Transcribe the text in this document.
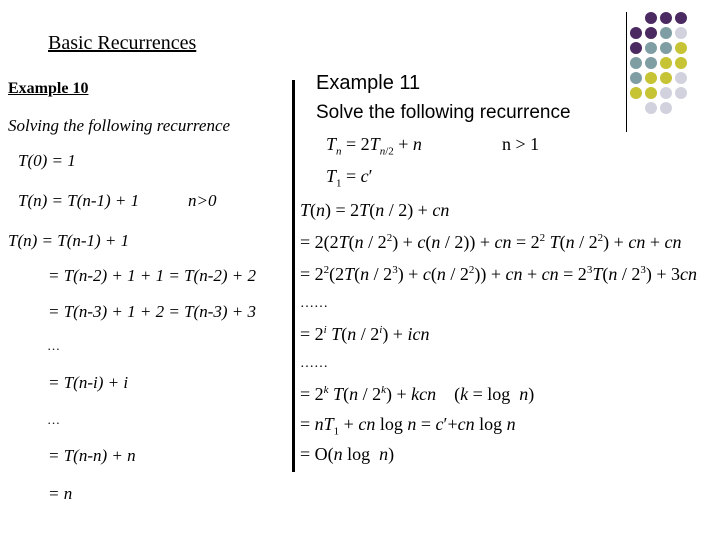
Basic Recurrences
Example 10
Solving the following recurrence
T(0) = 1
T(n) = T(n-1) + 1	n>0
T(n) = T(n-1) + 1
= T(n-2) + 1 + 1 = T(n-2) + 2
= T(n-3) + 1 + 2 = T(n-3) + 3
…
= T(n-i) + i
…
= T(n-n) + n
= n
Example 11
Solve the following recurrence
$T_n = 2T_{n/2} + n$	n > 1
$T_1 = c'$
T(n) = 2T(n / 2) + cn
= $2(2T(n / 2^2) + c(n / 2))$ + cn = $2^2$ $T(n / 2^2)$ + cn + cn
= $2^2(2T(n / 2^3) + c(n / 2^2))$ + cn + cn = $2^3T(n / 2^3) + 3cn$
……
= $2^i$ $T(n / 2^i)$ + icn
……
= $2^k$ $T(n / 2^k)$ + kcn    (k = log  n)
= $nT_1$ + cn log n = c′+cn log n
= O(n log  n)
